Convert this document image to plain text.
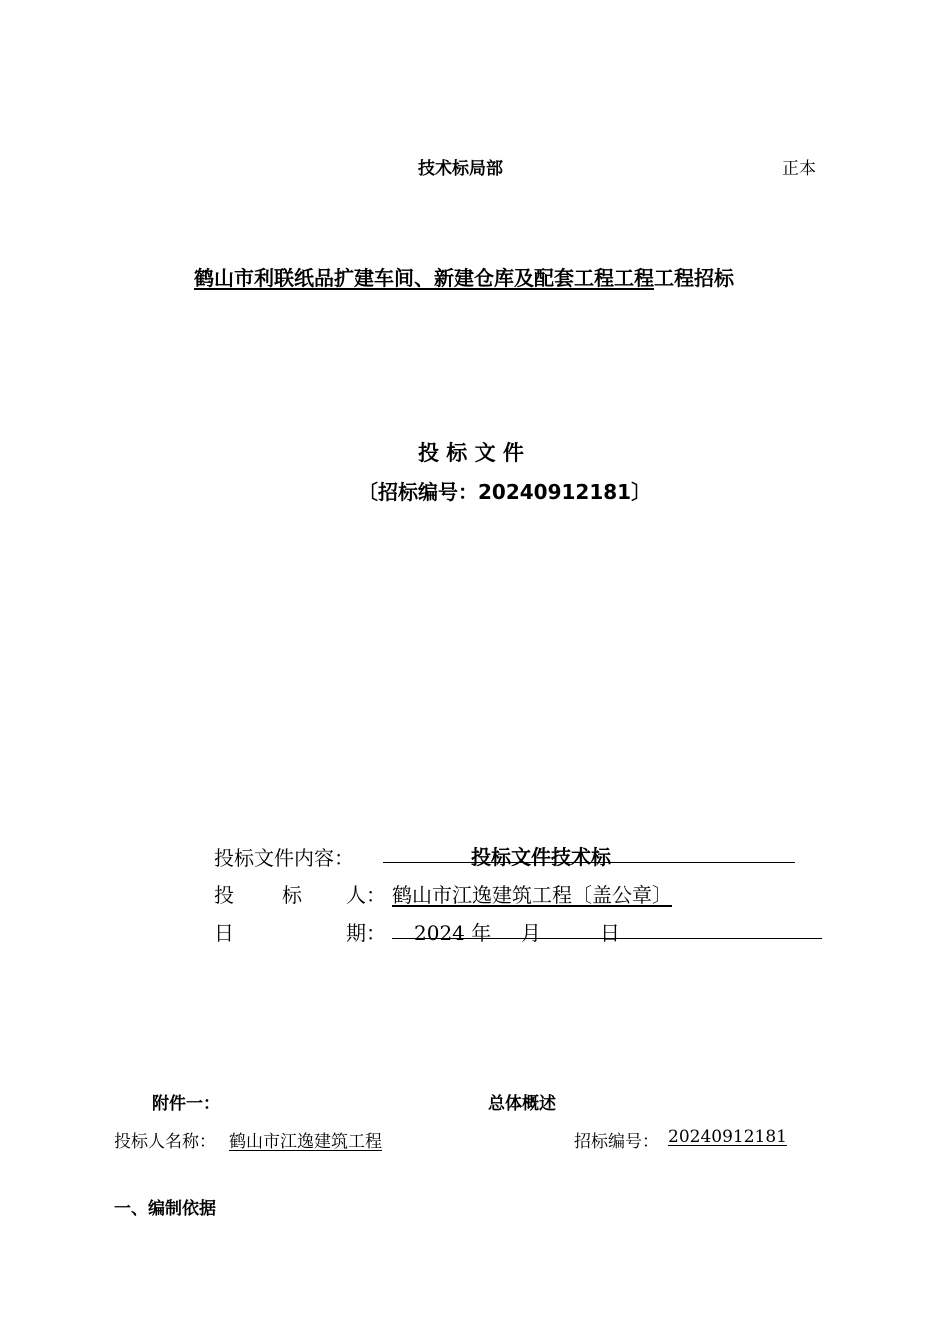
技术标局部	正本
鹤山市利联纸品扩建车间、新建仓库及配套工程工程工程招标
投 标 文 件
〔招标编号：20240912181〕
投标文件内容：	投标文件技术标
投 标 人： 鹤山市江逸建筑工程〔盖公章〕
日	期： 2024 年 月	日
附件一：	总体概述
投标人名称： 鹤山市江逸建筑工程	招标编号： 20240912181
一、编制依据
